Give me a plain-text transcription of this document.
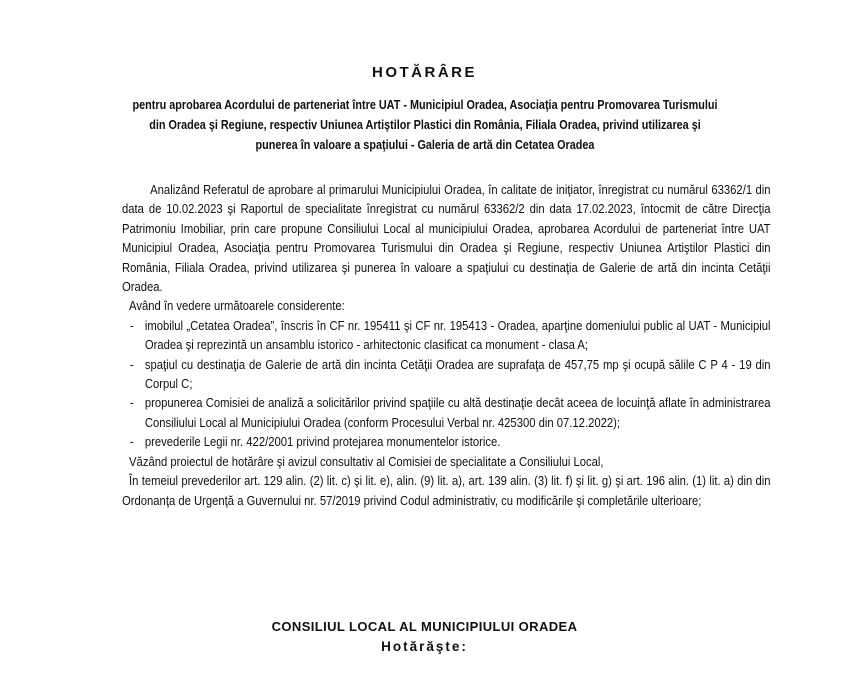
HOTĂRÂRE
pentru aprobarea Acordului de parteneriat între UAT - Municipiul Oradea, Asociaţia pentru Promovarea Turismului din Oradea şi Regiune, respectiv Uniunea Artiştilor Plastici din România, Filiala Oradea, privind utilizarea şi punerea în valoare a spaţiului - Galeria de artă din Cetatea Oradea

Analizând Referatul de aprobare al primarului Municipiului Oradea, în calitate de iniţiator, înregistrat cu numărul 63362/1 din data de 10.02.2023 şi Raportul de specialitate înregistrat cu numărul 63362/2 din data 17.02.2023, întocmit de către Direcţia Patrimoniu Imobiliar, prin care propune Consiliului Local al municipiului Oradea, aprobarea Acordului de parteneriat între UAT Municipiul Oradea, Asociaţia pentru Promovarea Turismului din Oradea şi Regiune, respectiv Uniunea Artiştilor Plastici din România, Filiala Oradea, privind utilizarea şi punerea în valoare a spaţiului cu destinaţia de Galerie de artă din incinta Cetăţii Oradea.

Având în vedere următoarele considerente:

- imobilul „Cetatea Oradea”, înscris în CF nr. 195411 şi CF nr. 195413 - Oradea, aparţine domeniului public al UAT - Municipiul Oradea şi reprezintă un ansamblu istorico - arhitectonic clasificat ca monument - clasa A;
- spaţiul cu destinaţia de Galerie de artă din incinta Cetăţii Oradea are suprafaţa de 457,75 mp şi ocupă sălile C P 4 - 19 din Corpul C;
- propunerea Comisiei de analiză a solicitărilor privind spaţiile cu altă destinaţie decât aceea de locuinţă aflate în administrarea Consiliului Local al Municipiului Oradea (conform Procesului Verbal nr. 425300 din 07.12.2022);
- prevederile Legii nr. 422/2001 privind protejarea monumentelor istorice.

Văzând proiectul de hotărâre şi avizul consultativ al Comisiei de specialitate a Consiliului Local,

În temeiul prevederilor art. 129 alin. (2) lit. c) şi lit. e), alin. (9) lit. a), art. 139 alin. (3) lit. f) şi lit. g) şi art. 196 alin. (1) lit. a) din din Ordonanţa de Urgenţă a Guvernului nr. 57/2019 privind Codul administrativ, cu modificările şi completările ulterioare;

CONSILIUL LOCAL AL MUNICIPIULUI ORADEA
Hotărăşte:
